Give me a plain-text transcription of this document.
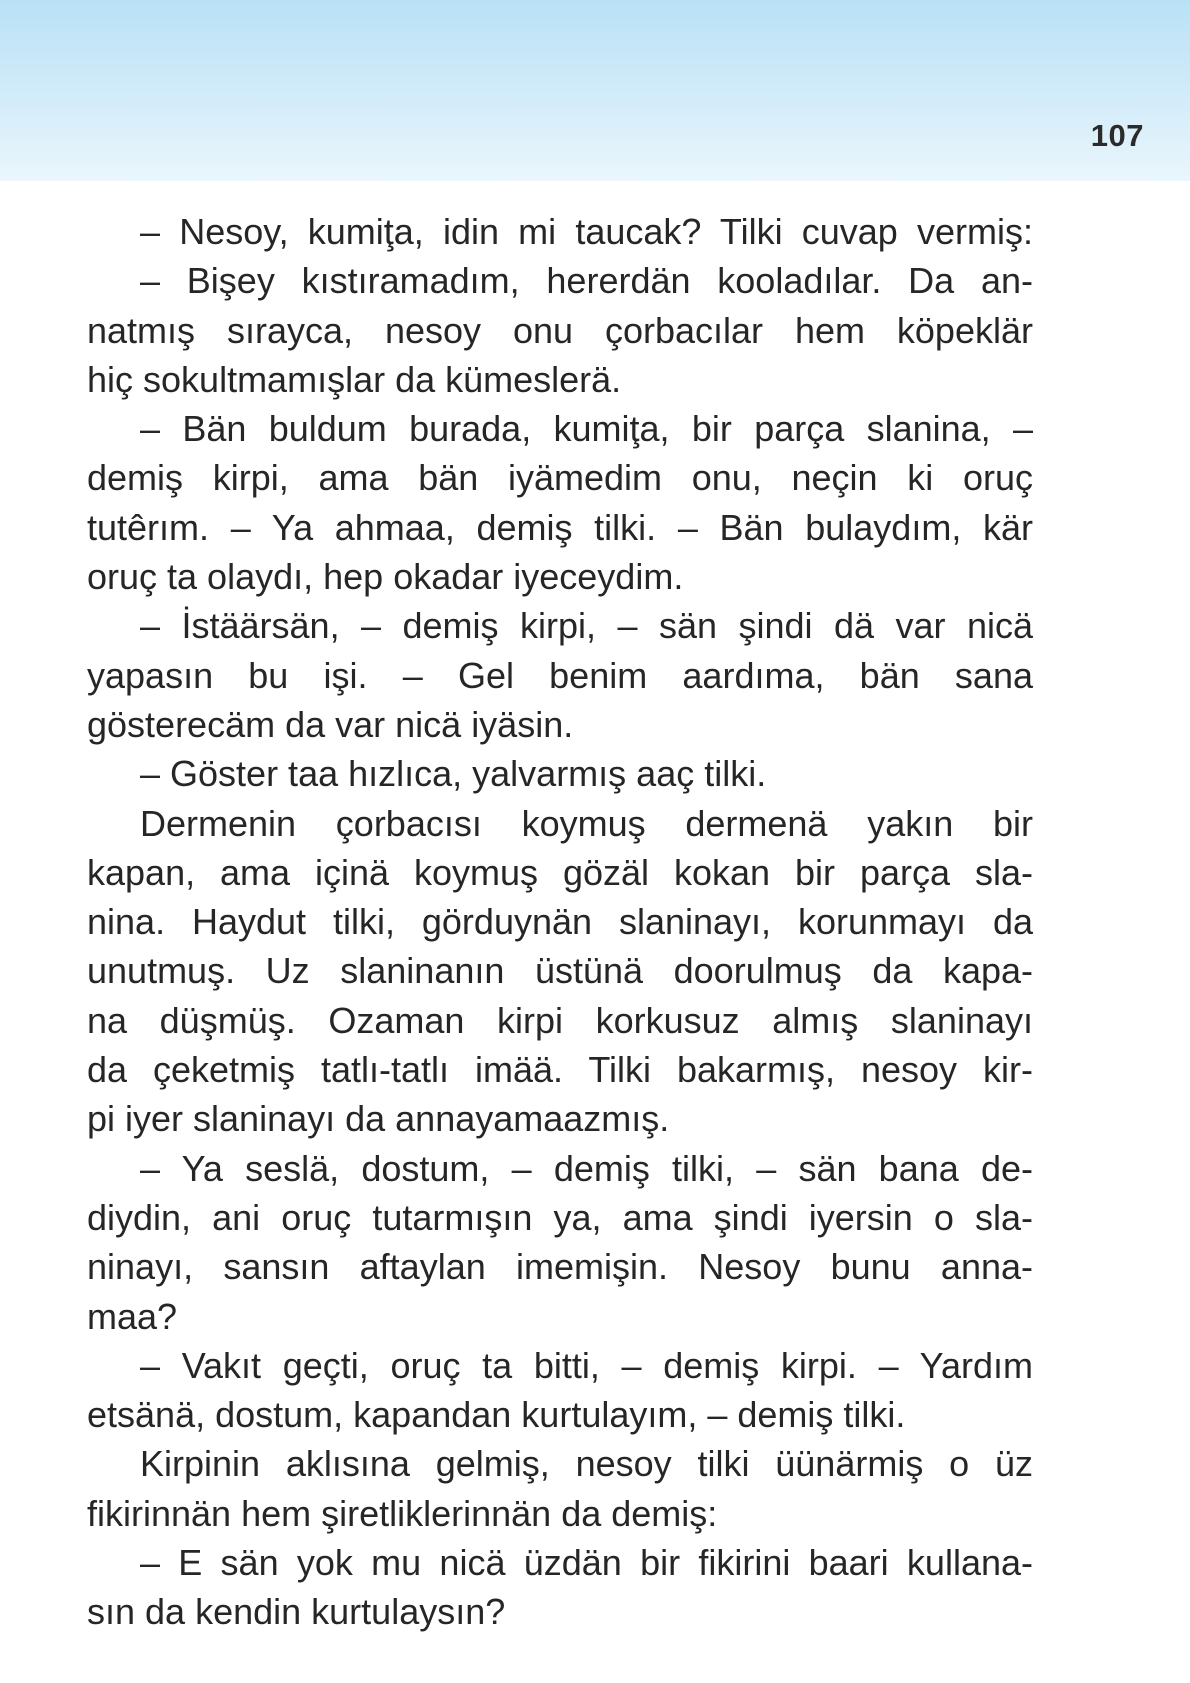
107
– Nesoy, kumiţa, idin mi taucak? Tilki cuvap vermiş:
– Bişey kıstıramadım, hererdän kooladılar. Da an-
natmış sırayca, nesoy onu çorbacılar hem köpeklär
hiç sokultmamışlar da kümeslerä.
– Bän buldum burada, kumiţa, bir parça slanina, –
demiş kirpi, ama bän iyämedim onu, neçin ki oruç
tutêrım. – Ya ahmaa, demiş tilki. – Bän bulaydım, kär
oruç ta olaydı, hep okadar iyeceydim.
– İstäärsän, – demiş kirpi, – sän şindi dä var nicä
yapasın bu işi. – Gel benim aardıma, bän sana
gösterecäm da var nicä iyäsin.
– Göster taa hızlıca, yalvarmış aaç tilki.
Dermenin çorbacısı koymuş dermenä yakın bir
kapan, ama içinä koymuş gözäl kokan bir parça sla-
nina. Haydut tilki, görduynän slaninayı, korunmayı da
unutmuş. Uz slaninanın üstünä doorulmuş da kapa-
na düşmüş. Ozaman kirpi korkusuz almış slaninayı
da çeketmiş tatlı-tatlı imää. Tilki bakarmış, nesoy kir-
pi iyer slaninayı da annayamaazmış.
– Ya seslä, dostum, – demiş tilki, – sän bana de-
diydin, ani oruç tutarmışın ya, ama şindi iyersin o sla-
ninayı, sansın aftaylan imemişin. Nesoy bunu anna-
maa?
– Vakıt geçti, oruç ta bitti, – demiş kirpi. – Yardım
etsänä, dostum, kapandan kurtulayım, – demiş tilki.
Kirpinin aklısına gelmiş, nesoy tilki üünärmiş o üz
fikirinnän hem şiretliklerinnän da demiş:
– E sän yok mu nicä üzdän bir fikirini baari kullana-
sın da kendin kurtulaysın?
